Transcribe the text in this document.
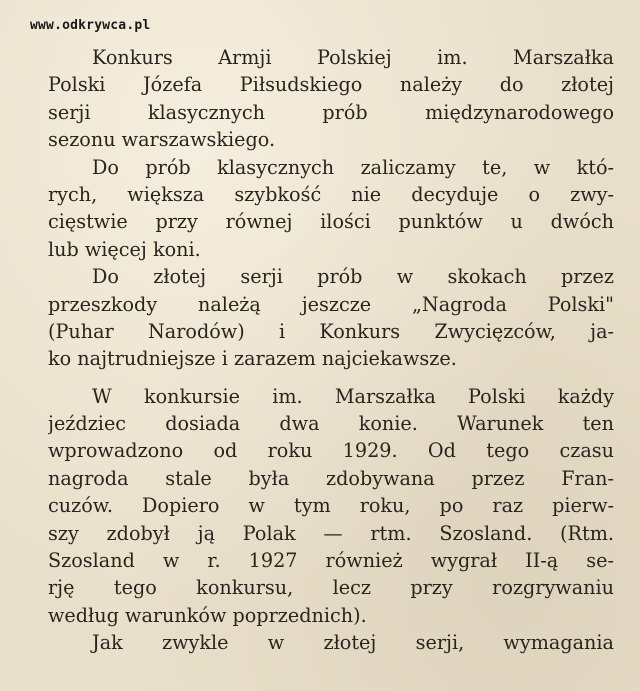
www.odkrywca.pl
Konkurs Armji Polskiej im. Marszałka
Polski Józefa Piłsudskiego należy do złotej
serji klasycznych prób międzynarodowego
sezonu warszawskiego.
Do prób klasycznych zaliczamy te, w któ-
rych, większa szybkość nie decyduje o zwy-
cięstwie przy równej ilości punktów u dwóch
lub więcej koni.
Do złotej serji prób w skokach przez
przeszkody należą jeszcze „Nagroda Polski"
(Puhar Narodów) i Konkurs Zwycięzców, ja-
ko najtrudniejsze i zarazem najciekawsze.
W konkursie im. Marszałka Polski każdy
jeździec dosiada dwa konie. Warunek ten
wprowadzono od roku 1929. Od tego czasu
nagroda stale była zdobywana przez Fran-
cuzów. Dopiero w tym roku, po raz pierw-
szy zdobył ją Polak — rtm. Szosland. (Rtm.
Szosland w r. 1927 również wygrał II-ą se-
rję tego konkursu, lecz przy rozgrywaniu
według warunków poprzednich).
Jak zwykle w złotej serji, wymagania
